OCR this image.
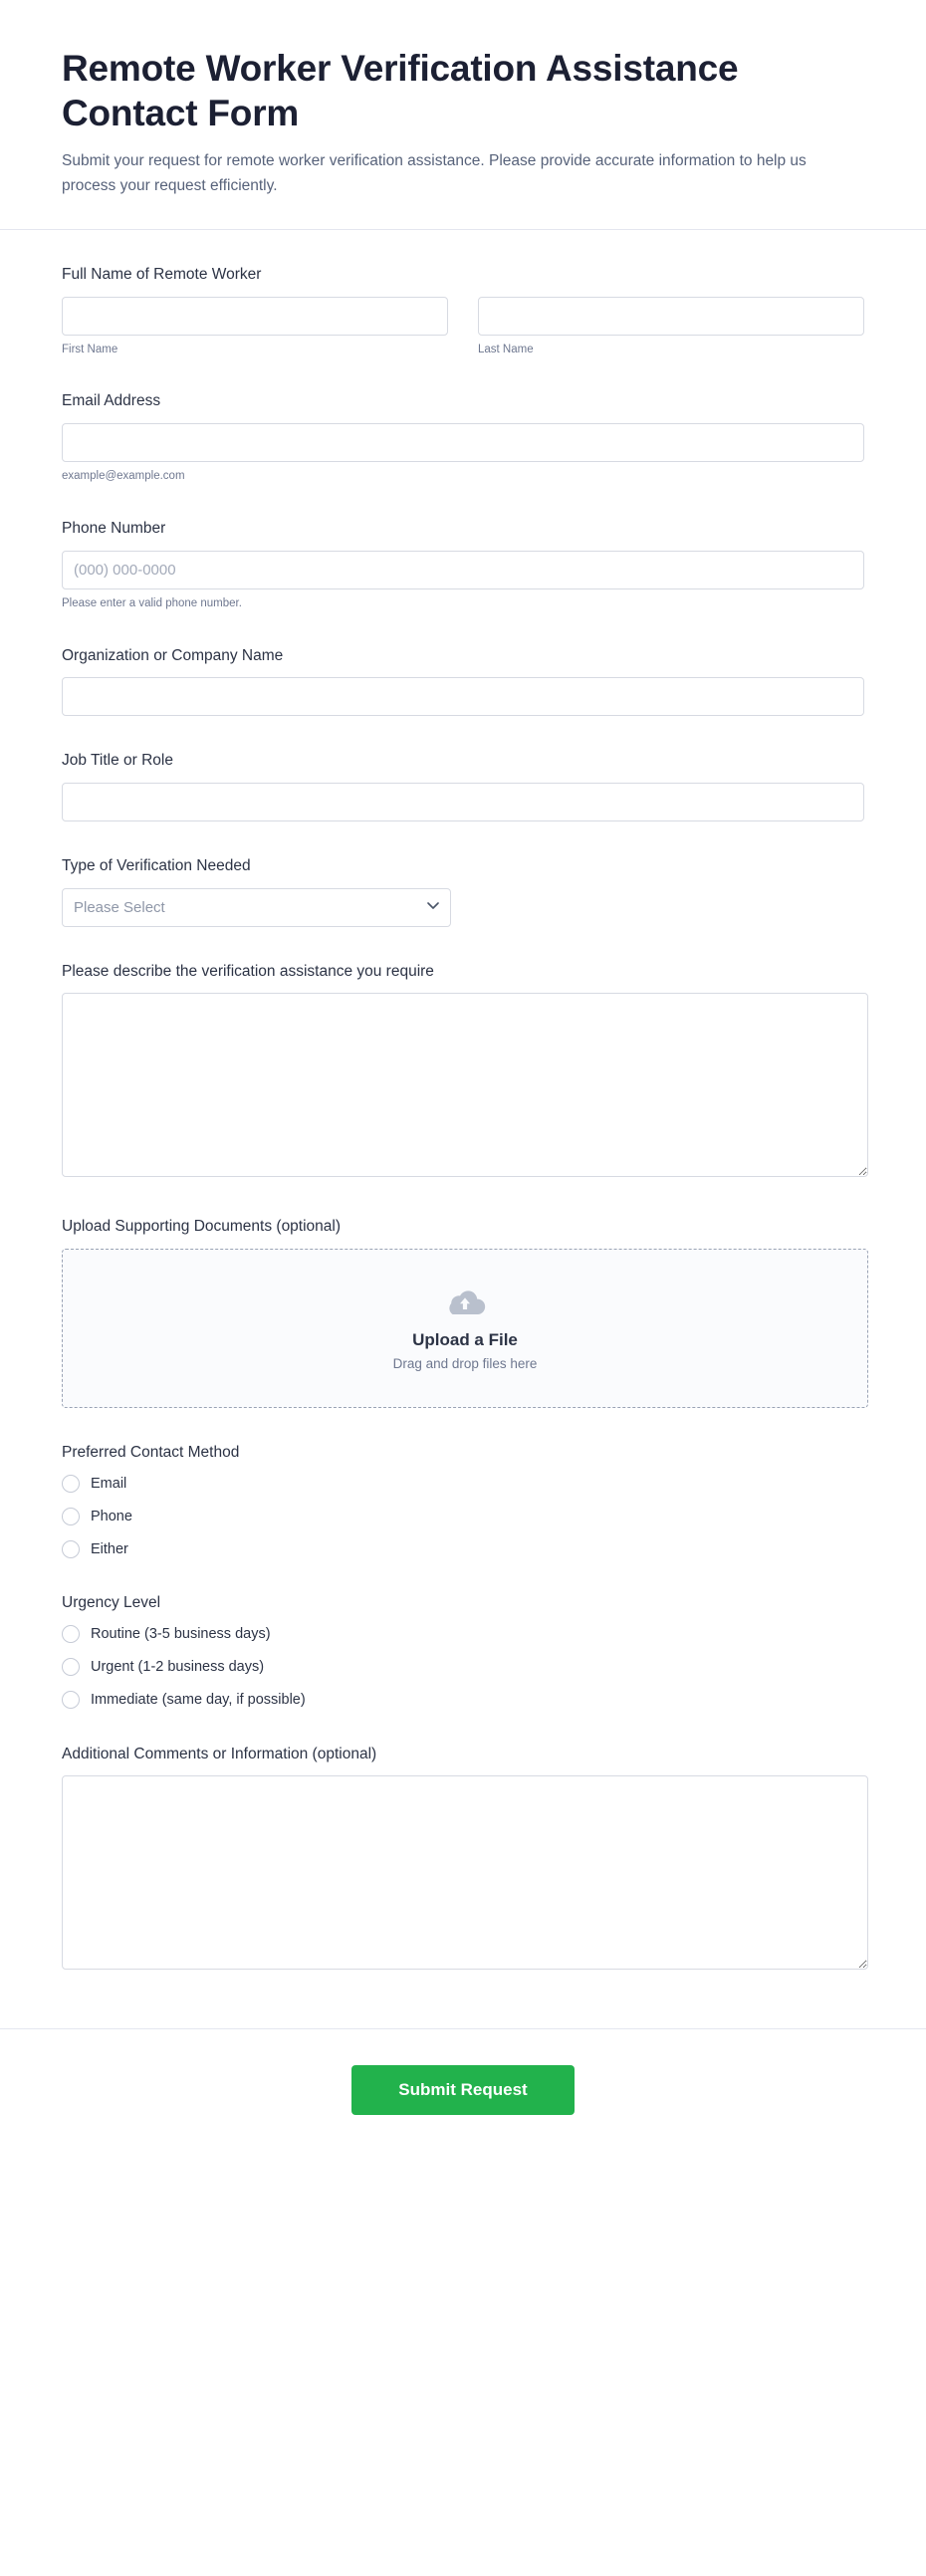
Remote Worker Verification Assistance Contact Form

Submit your request for remote worker verification assistance. Please provide accurate information to help us process your request efficiently.

Full Name of Remote Worker
First Name	Last Name
Email Address
example@example.com
Phone Number
(000) 000-0000
Please enter a valid phone number.
Organization or Company Name
Job Title or Role
Type of Verification Needed
Please Select
Please describe the verification assistance you require
Upload Supporting Documents (optional)
Upload a File
Drag and drop files here
Preferred Contact Method
Email
Phone
Either
Urgency Level
Routine (3-5 business days)
Urgent (1-2 business days)
Immediate (same day, if possible)
Additional Comments or Information (optional)
Submit Request
